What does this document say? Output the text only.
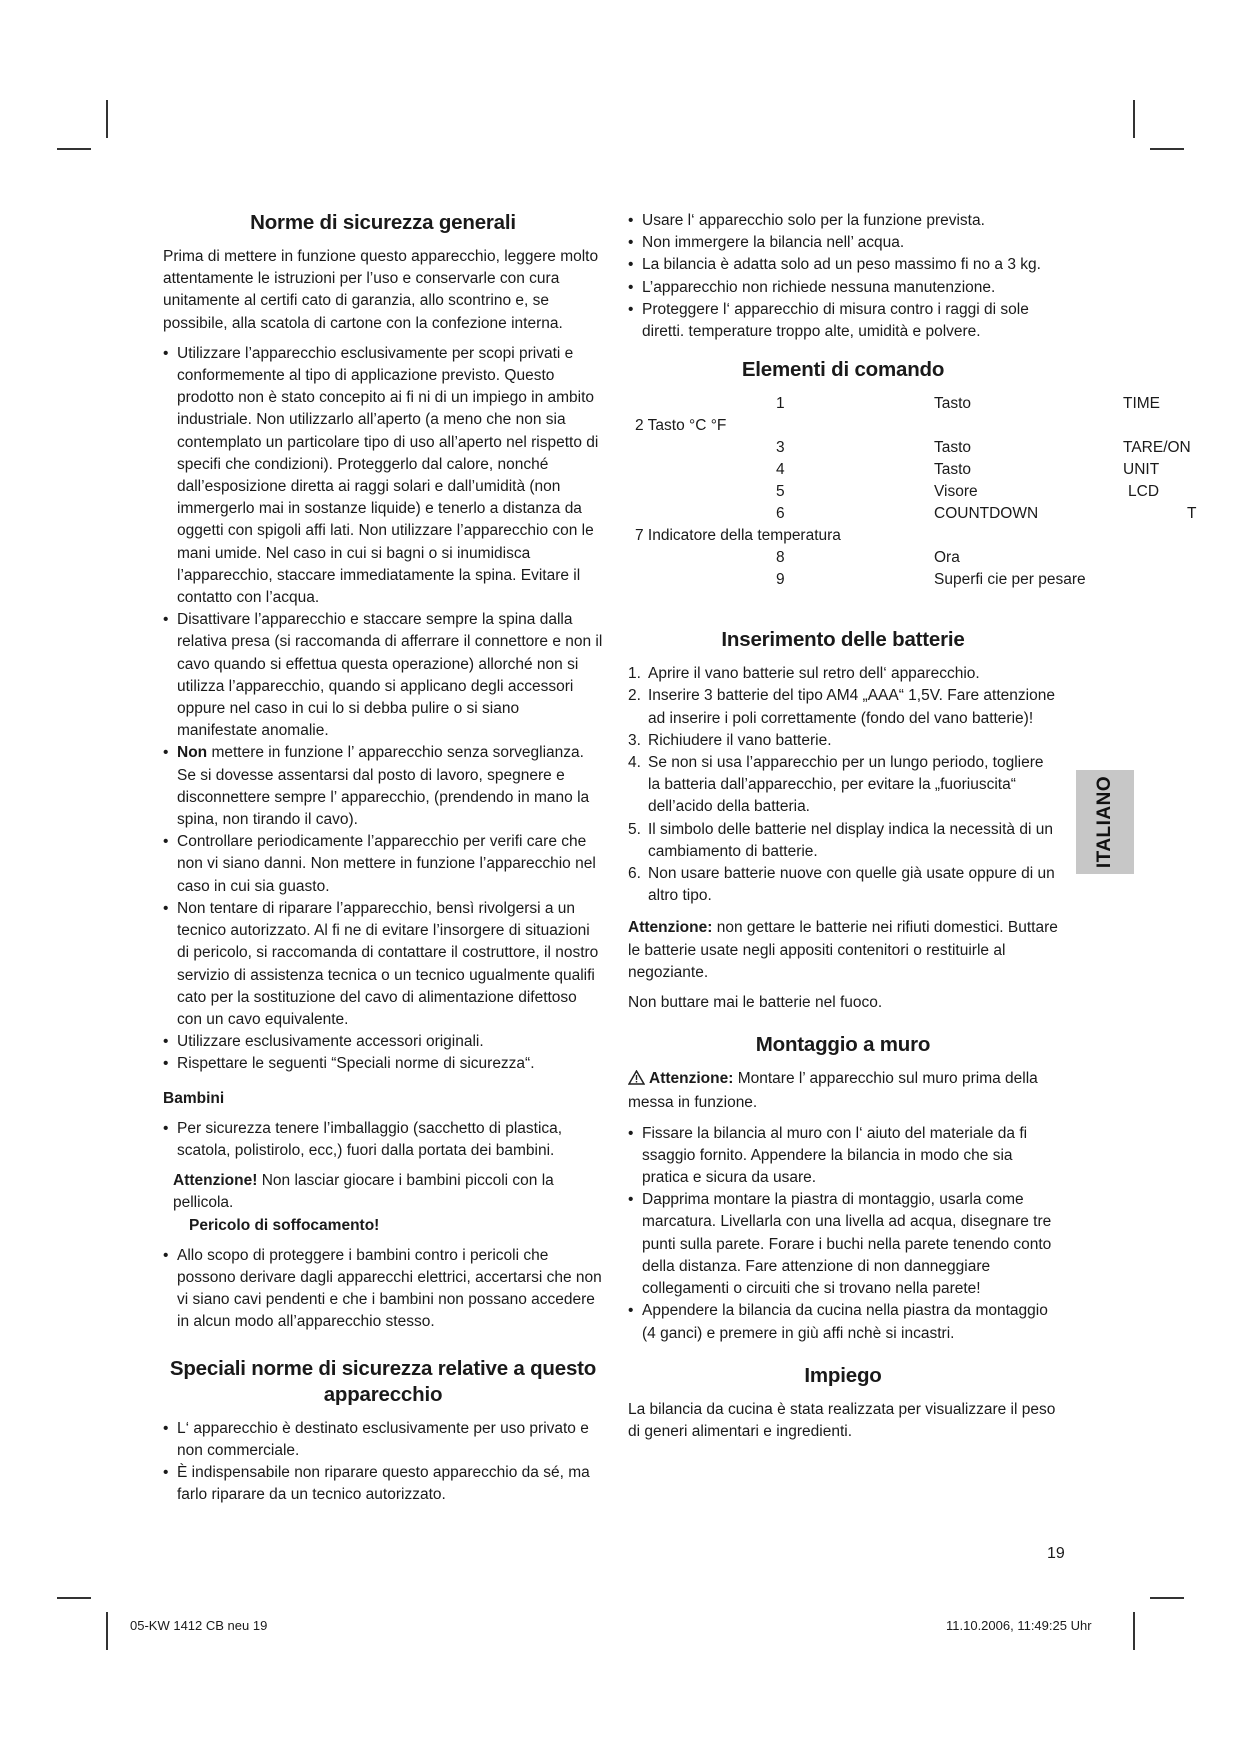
Norme di sicurezza generali

Prima di mettere in funzione questo apparecchio, leggere molto attentamente le istruzioni per l’uso e conservarle con cura unitamente al certifi cato di garanzia, allo scontrino e, se possibile, alla scatola di cartone con la confezione interna.

• Utilizzare l’apparecchio esclusivamente per scopi privati e conformemente al tipo di applicazione previsto. Questo prodotto non è stato concepito ai fi ni di un impiego in ambito industriale. Non utilizzarlo all’aperto (a meno che non sia contemplato un particolare tipo di uso all’aperto nel rispetto di specifi che condizioni). Proteggerlo dal calore, nonché dall’esposizione diretta ai raggi solari e dall’umidità (non immergerlo mai in sostanze liquide) e tenerlo a distanza da oggetti con spigoli affi lati. Non utilizzare l’apparecchio con le mani umide. Nel caso in cui si bagni o si inumidisca l’apparecchio, staccare immediatamente la spina. Evitare il contatto con l’acqua.
• Disattivare l’apparecchio e staccare sempre la spina dalla relativa presa (si raccomanda di afferrare il connettore e non il cavo quando si effettua questa operazione) allorché non si utilizza l’apparecchio, quando si applicano degli accessori oppure nel caso in cui lo si debba pulire o si siano manifestate anomalie.
• Non mettere in funzione l’ apparecchio senza sorveglianza. Se si dovesse assentarsi dal posto di lavoro, spegnere e disconnettere sempre l’ apparecchio, (prendendo in mano la spina, non tirando il cavo).
• Controllare periodicamente l’apparecchio per verifi care che non vi siano danni. Non mettere in funzione l’apparecchio nel caso in cui sia guasto.
• Non tentare di riparare l’apparecchio, bensì rivolgersi a un tecnico autorizzato. Al fi ne di evitare l’insorgere di situazioni di pericolo, si raccomanda di contattare il costruttore, il nostro servizio di assistenza tecnica o un tecnico ugualmente qualifi cato per la sostituzione del cavo di alimentazione difettoso con un cavo equivalente.
• Utilizzare esclusivamente accessori originali.
• Rispettare le seguenti “Speciali norme di sicurezza“.
Bambini
• Per sicurezza tenere l’imballaggio (sacchetto di plastica, scatola, polistirolo, ecc,) fuori dalla portata dei bambini.
Attenzione! Non lasciar giocare i bambini piccoli con la pellicola.
Pericolo di soffocamento!
• Allo scopo di proteggere i bambini contro i pericoli che possono derivare dagli apparecchi elettrici, accertarsi che non vi siano cavi pendenti e che i bambini non possano accedere in alcun modo all’apparecchio stesso.
Speciali norme di sicurezza relative a questo apparecchio
• L‘ apparecchio è destinato esclusivamente per uso privato e non commerciale.
• È indispensabile non riparare questo apparecchio da sé, ma farlo riparare da un tecnico autorizzato.
• Usare l‘ apparecchio solo per la funzione prevista.
• Non immergere la bilancia nell’ acqua.
• La bilancia è adatta solo ad un peso massimo fi no a 3 kg.
• L’apparecchio non richiede nessuna manutenzione.
• Proteggere l‘ apparecchio di misura contro i raggi di sole diretti. temperature troppo alte, umidità e polvere.
Elementi di comando
1	Tasto	TIME
2 Tasto °C °F
3	Tasto	TARE/ON
4	Tasto	UNIT
5	Visore	LCD
6	COUNTDOWN	T
7 Indicatore della temperatura
8	Ora
9	Superfi cie per pesare
Inserimento delle batterie
1. Aprire il vano batterie sul retro dell‘ apparecchio.
2. Inserire 3 batterie del tipo AM4 „AAA“ 1,5V. Fare attenzione ad inserire i poli correttamente (fondo del vano batterie)!
3. Richiudere il vano batterie.
4. Se non si usa l’apparecchio per un lungo periodo, togliere la batteria dall’apparecchio, per evitare la „fuoriuscita“ dell’acido della batteria.
5. Il simbolo delle batterie nel display indica la necessità di un cambiamento di batterie.
6. Non usare batterie nuove con quelle già usate oppure di un altro tipo.

Attenzione: non gettare le batterie nei rifiuti domestici. Buttare le batterie usate negli appositi contenitori o restituirle al negoziante.

Non buttare mai le batterie nel fuoco.

Montaggio a muro

Attenzione: Montare l’ apparecchio sul muro prima della messa in funzione.

• Fissare la bilancia al muro con l‘ aiuto del materiale da fi ssaggio fornito. Appendere la bilancia in modo che sia pratica e sicura da usare.
• Dapprima montare la piastra di montaggio, usarla come marcatura. Livellarla con una livella ad acqua, disegnare tre punti sulla parete. Forare i buchi nella parete tenendo conto della distanza. Fare attenzione di non danneggiare collegamenti o circuiti che si trovano nella parete!
• Appendere la bilancia da cucina nella piastra da montaggio (4 ganci) e premere in giù affi nchè si incastri.
Impiego

La bilancia da cucina è stata realizzata per visualizzare il peso di generi alimentari e ingredienti.

ITALIANO
19
05-KW 1412 CB neu 19	11.10.2006, 11:49:25 Uhr
